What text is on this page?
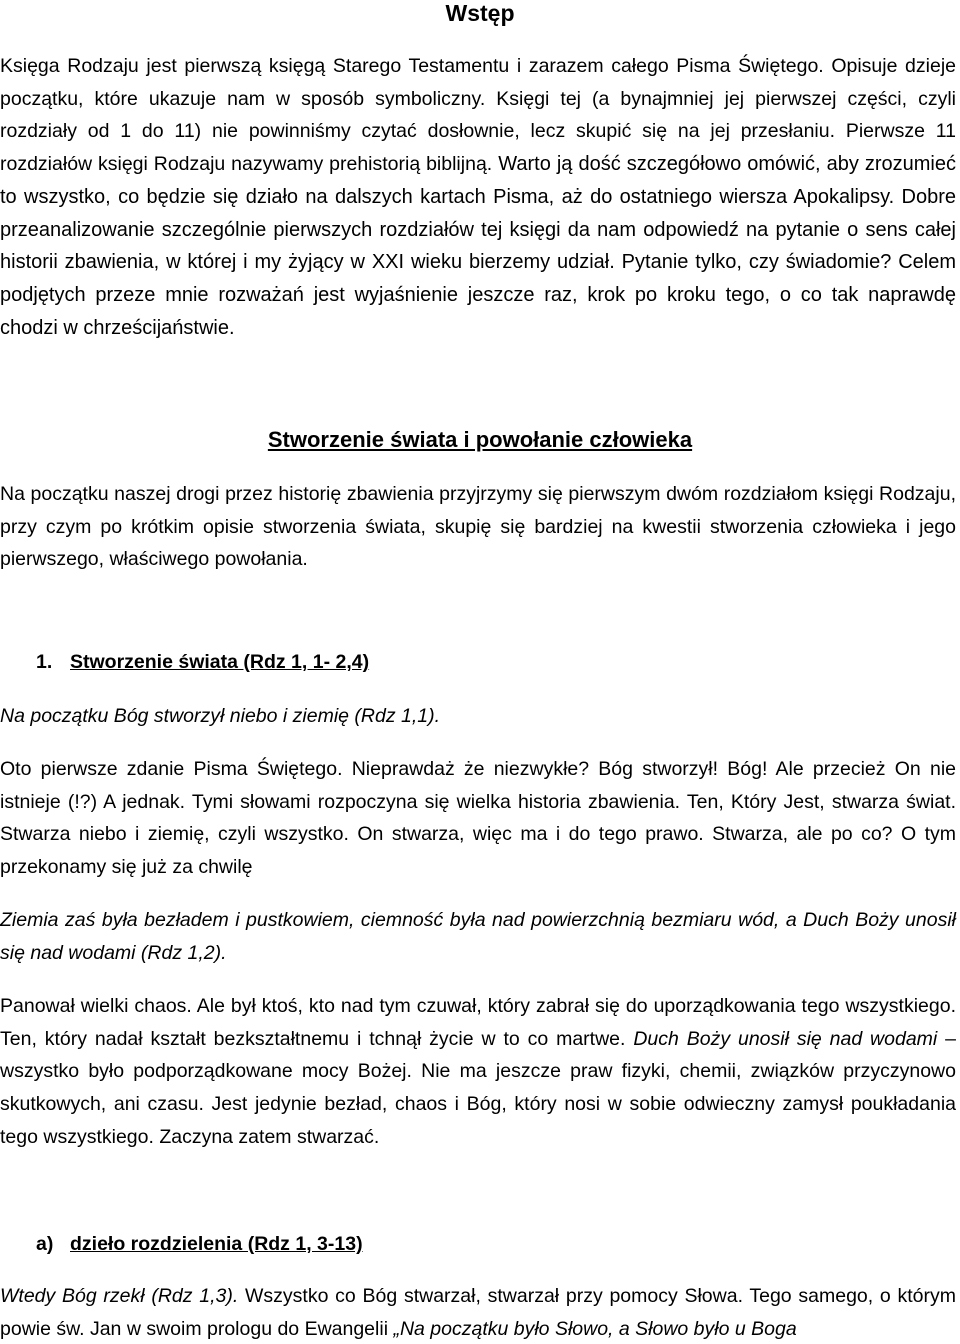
Wstęp

Księga Rodzaju jest pierwszą księgą Starego Testamentu i zarazem całego Pisma Świętego. Opisuje dzieje początku, które ukazuje nam w sposób symboliczny. Księgi tej (a bynajmniej jej pierwszej części, czyli rozdziały od 1 do 11) nie powinniśmy czytać dosłownie, lecz skupić się na jej przesłaniu. Pierwsze 11 rozdziałów księgi Rodzaju nazywamy prehistorią biblijną. Warto ją dość szczegółowo omówić, aby zrozumieć to wszystko, co będzie się działo na dalszych kartach Pisma, aż do ostatniego wiersza Apokalipsy. Dobre przeanalizowanie szczególnie pierwszych rozdziałów tej księgi da nam odpowiedź na pytanie o sens całej historii zbawienia, w której i my żyjący w XXI wieku bierzemy udział. Pytanie tylko, czy świadomie? Celem podjętych przeze mnie rozważań jest wyjaśnienie jeszcze raz, krok po kroku tego, o co tak naprawdę chodzi w chrześcijaństwie.

Stworzenie świata i powołanie człowieka

Na początku naszej drogi przez historię zbawienia przyjrzymy się pierwszym dwóm rozdziałom księgi Rodzaju, przy czym po krótkim opisie stworzenia świata, skupię się bardziej na kwestii stworzenia człowieka i jego pierwszego, właściwego powołania.

1. Stworzenie świata (Rdz 1, 1- 2,4)

Na początku Bóg stworzył niebo i ziemię (Rdz 1,1).

Oto pierwsze zdanie Pisma Świętego. Nieprawdaż że niezwykłe? Bóg stworzył! Bóg! Ale przecież On nie istnieje (!?) A jednak. Tymi słowami rozpoczyna się wielka historia zbawienia. Ten, Który Jest, stwarza świat. Stwarza niebo i ziemię, czyli wszystko. On stwarza, więc ma i do tego prawo. Stwarza, ale po co? O tym przekonamy się już za chwilę

Ziemia zaś była bezładem i pustkowiem, ciemność była nad powierzchnią bezmiaru wód, a Duch Boży unosił się nad wodami (Rdz 1,2).

Panował wielki chaos. Ale był ktoś, kto nad tym czuwał, który zabrał się do uporządkowania tego wszystkiego. Ten, który nadał kształt bezkształtnemu i tchnął życie w to co martwe. Duch Boży unosił się nad wodami – wszystko było podporządkowane mocy Bożej. Nie ma jeszcze praw fizyki, chemii, związków przyczynowo skutkowych, ani czasu. Jest jedynie bezład, chaos i Bóg, który nosi w sobie odwieczny zamysł poukładania tego wszystkiego. Zaczyna zatem stwarzać.

a) dzieło rozdzielenia (Rdz 1, 3-13)

Wtedy Bóg rzekł (Rdz 1,3). Wszystko co Bóg stwarzał, stwarzał przy pomocy Słowa. Tego samego, o którym powie św. Jan w swoim prologu do Ewangelii „Na początku było Słowo, a Słowo było u Boga
